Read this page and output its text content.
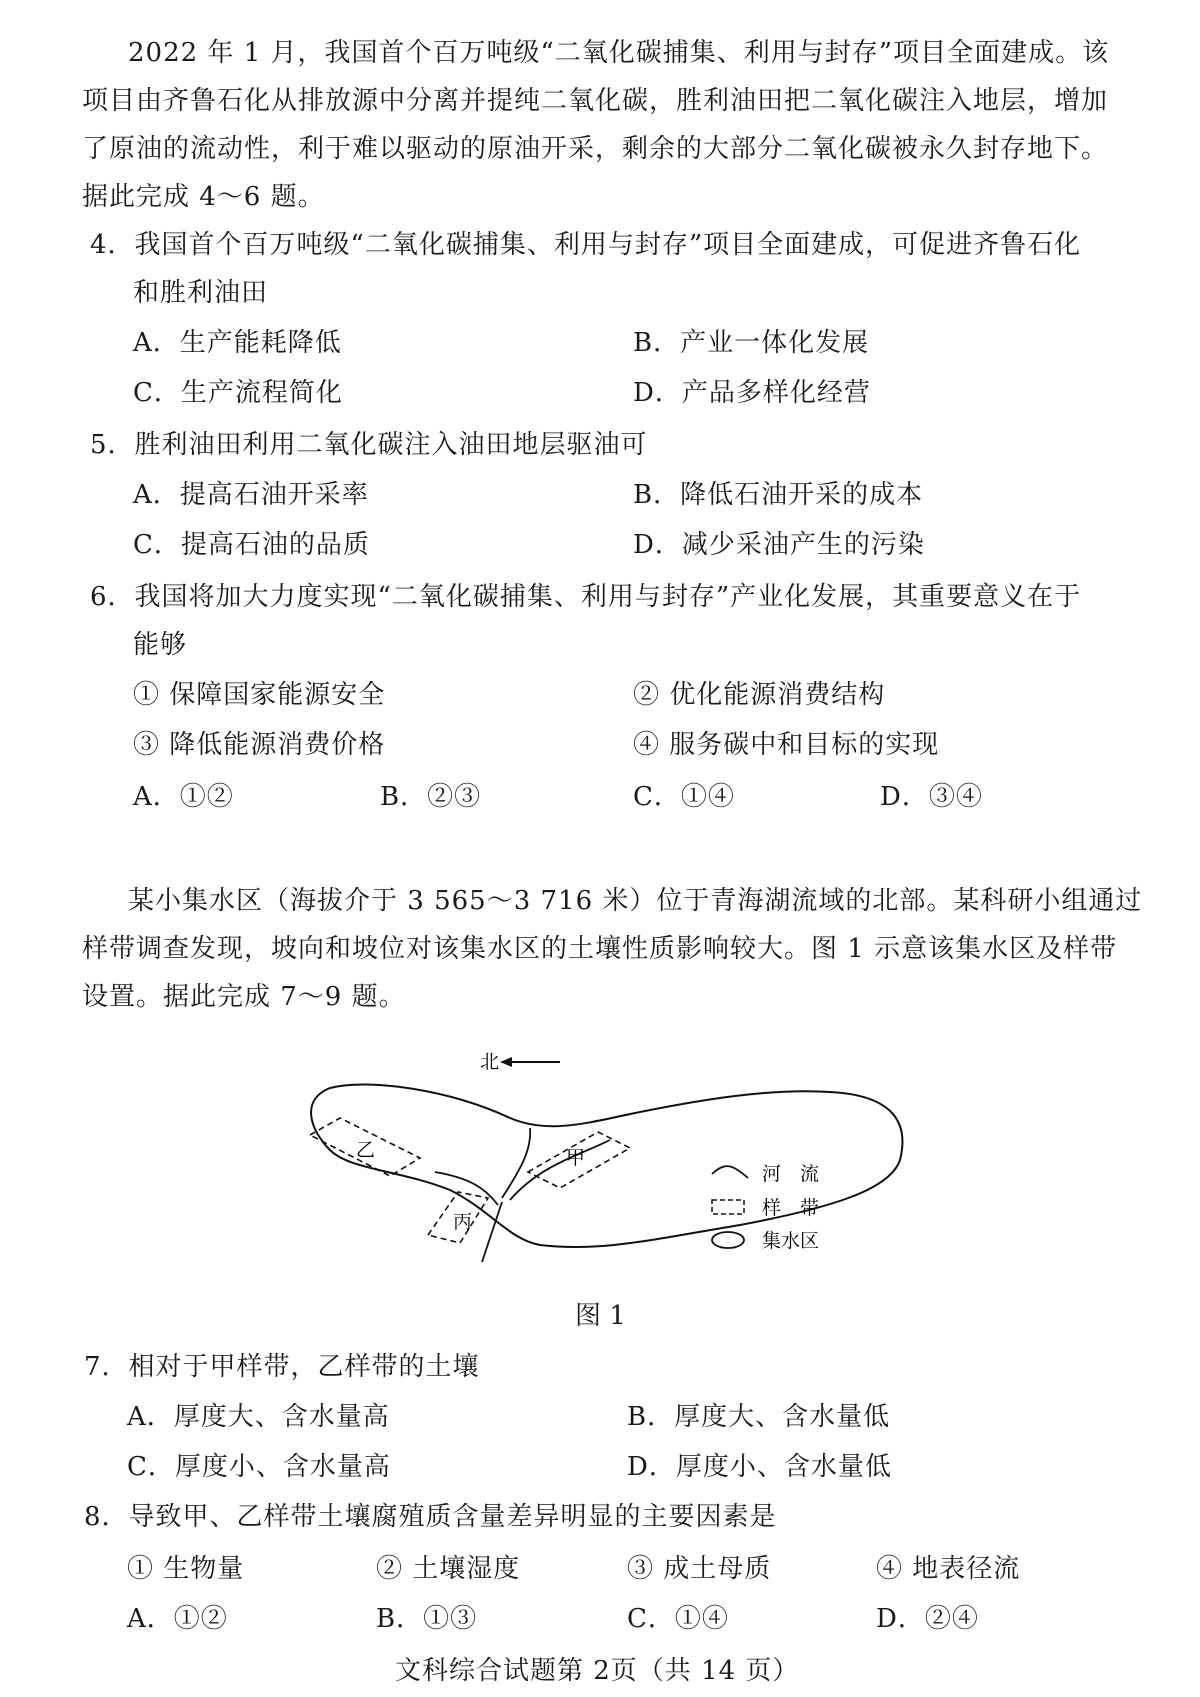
2022 年 1 月，我国首个百万吨级“二氧化碳捕集、利用与封存”项目全面建成。该
项目由齐鲁石化从排放源中分离并提纯二氧化碳，胜利油田把二氧化碳注入地层，增加
了原油的流动性，利于难以驱动的原油开采，剩余的大部分二氧化碳被永久封存地下。
据此完成 4～6 题。
4．我国首个百万吨级“二氧化碳捕集、利用与封存”项目全面建成，可促进齐鲁石化
和胜利油田
A．生产能耗降低	B．产业一体化发展
C．生产流程简化	D．产品多样化经营
5．胜利油田利用二氧化碳注入油田地层驱油可
A．提高石油开采率	B．降低石油开采的成本
C．提高石油的品质	D．减少采油产生的污染
6．我国将加大力度实现“二氧化碳捕集、利用与封存”产业化发展，其重要意义在于
能够
① 保障国家能源安全	② 优化能源消费结构
③ 降低能源消费价格	④ 服务碳中和目标的实现
A．①②	B．②③	C．①④	D．③④
某小集水区（海拔介于 3 565～3 716 米）位于青海湖流域的北部。某科研小组通过
样带调查发现，坡向和坡位对该集水区的土壤性质影响较大。图 1 示意该集水区及样带
设置。据此完成 7～9 题。
北
乙	甲
丙
河　流
样　带
集水区
图 1
7．相对于甲样带，乙样带的土壤
A．厚度大、含水量高	B．厚度大、含水量低
C．厚度小、含水量高	D．厚度小、含水量低
8．导致甲、乙样带土壤腐殖质含量差异明显的主要因素是
① 生物量	② 土壤湿度	③ 成土母质	④ 地表径流
A．①②	B．①③	C．①④	D．②④
文科综合试题第 2页（共 14 页）
